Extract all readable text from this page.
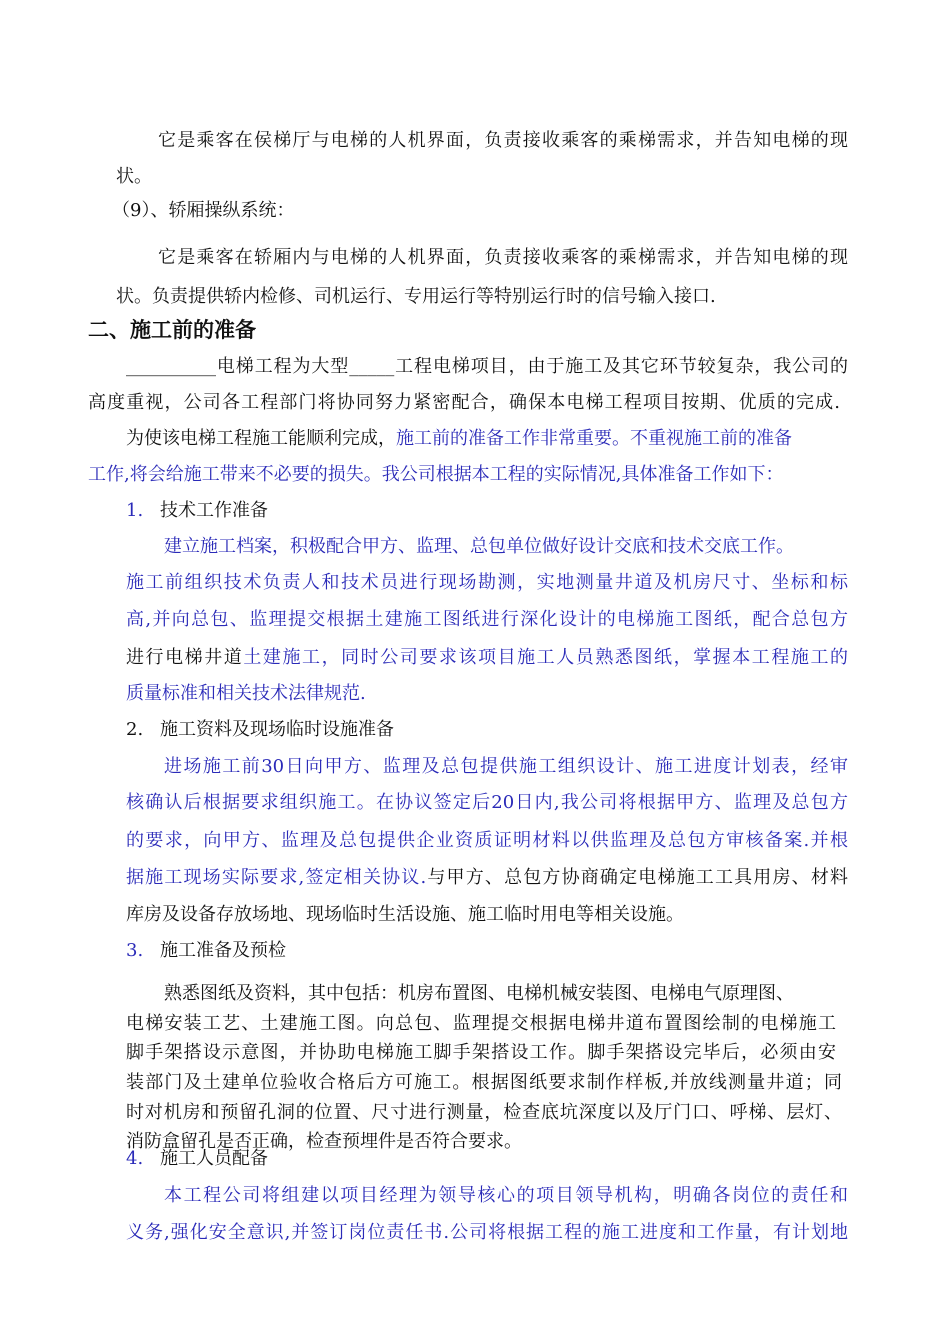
它是乘客在侯梯厅与电梯的人机界面，负责接收乘客的乘梯需求，并告知电梯的现
状。
（9）、轿厢操纵系统：
它是乘客在轿厢内与电梯的人机界面，负责接收乘客的乘梯需求，并告知电梯的现
状。负责提供轿内检修、司机运行、专用运行等特别运行时的信号输入接口.
二、施工前的准备
__________电梯工程为大型_____工程电梯项目，由于施工及其它环节较复杂，我公司的
高度重视，公司各工程部门将协同努力紧密配合，确保本电梯工程项目按期、优质的完成.
为使该电梯工程施工能顺利完成，施工前的准备工作非常重要。不重视施工前的准备
工作,将会给施工带来不必要的损失。我公司根据本工程的实际情况,具体准备工作如下：
1. 技术工作准备
建立施工档案，积极配合甲方、监理、总包单位做好设计交底和技术交底工作。
施工前组织技术负责人和技术员进行现场勘测，实地测量井道及机房尺寸、坐标和标
高,并向总包、监理提交根据土建施工图纸进行深化设计的电梯施工图纸，配合总包方
进行电梯井道土建施工，同时公司要求该项目施工人员熟悉图纸，掌握本工程施工的
质量标准和相关技术法律规范.
2. 施工资料及现场临时设施准备
进场施工前30日向甲方、监理及总包提供施工组织设计、施工进度计划表，经审
核确认后根据要求组织施工。在协议签定后20日内,我公司将根据甲方、监理及总包方
的要求，向甲方、监理及总包提供企业资质证明材料以供监理及总包方审核备案.并根
据施工现场实际要求,签定相关协议.与甲方、总包方协商确定电梯施工工具用房、材料
库房及设备存放场地、现场临时生活设施、施工临时用电等相关设施。
3. 施工准备及预检
熟悉图纸及资料，其中包括：机房布置图、电梯机械安装图、电梯电气原理图、
电梯安装工艺、土建施工图。向总包、监理提交根据电梯井道布置图绘制的电梯施工
脚手架搭设示意图，并协助电梯施工脚手架搭设工作。脚手架搭设完毕后，必须由安
装部门及土建单位验收合格后方可施工。根据图纸要求制作样板,并放线测量井道；同
时对机房和预留孔洞的位置、尺寸进行测量，检查底坑深度以及厅门口、呼梯、层灯、
消防盒留孔是否正确，检查预埋件是否符合要求。
4. 施工人员配备
本工程公司将组建以项目经理为领导核心的项目领导机构，明确各岗位的责任和
义务,强化安全意识,并签订岗位责任书.公司将根据工程的施工进度和工作量，有计划地
